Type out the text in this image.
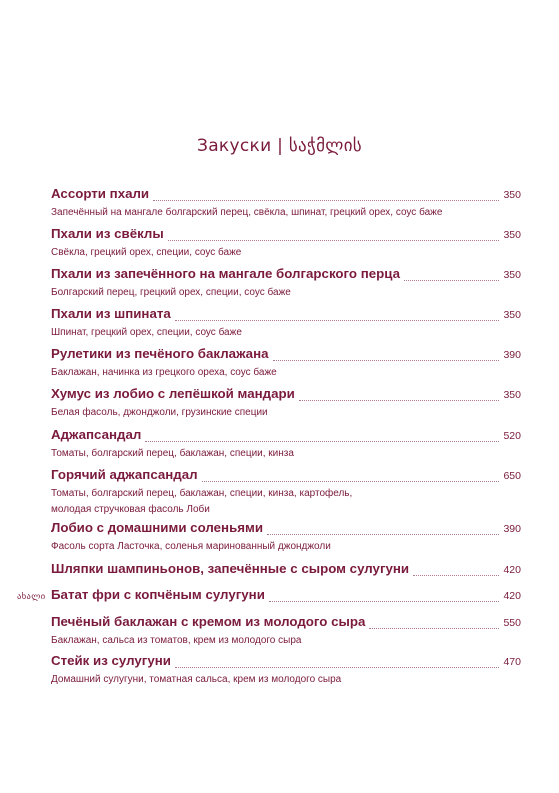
Закуски | საჭმლის
Ассорти пхали	350
Запечённый на мангале болгарский перец, свёкла, шпинат, грецкий орех, соус баже
Пхали из свёклы	350
Свёкла, грецкий орех, специи, соус баже
Пхали из запечённого на мангале болгарского перца	350
Болгарский перец, грецкий орех, специи, соус баже
Пхали из шпината	350
Шпинат, грецкий орех, специи, соус баже
Рулетики из печёного баклажана	390
Баклажан, начинка из грецкого ореха, соус баже
Хумус из лобио с лепёшкой мандари	350
Белая фасоль, джонджоли, грузинские специи
Аджапсандал	520
Томаты, болгарский перец, баклажан, специи, кинза
Горячий аджапсандал	650
Томаты, болгарский перец, баклажан, специи, кинза, картофель,
молодая стручковая фасоль Лоби
Лобио с домашними соленьями	390
Фасоль сорта Ласточка, соленья маринованный джонджоли
Шляпки шампиньонов, запечённые с сыром сулугуни	420
Батат фри с копчёным сулугуни	420
Печёный баклажан с кремом из молодого сыра	550
Баклажан, сальса из томатов, крем из молодого сыра
Стейк из сулугуни	470
Домашний сулугуни, томатная сальса, крем из молодого сыра
ახალი
